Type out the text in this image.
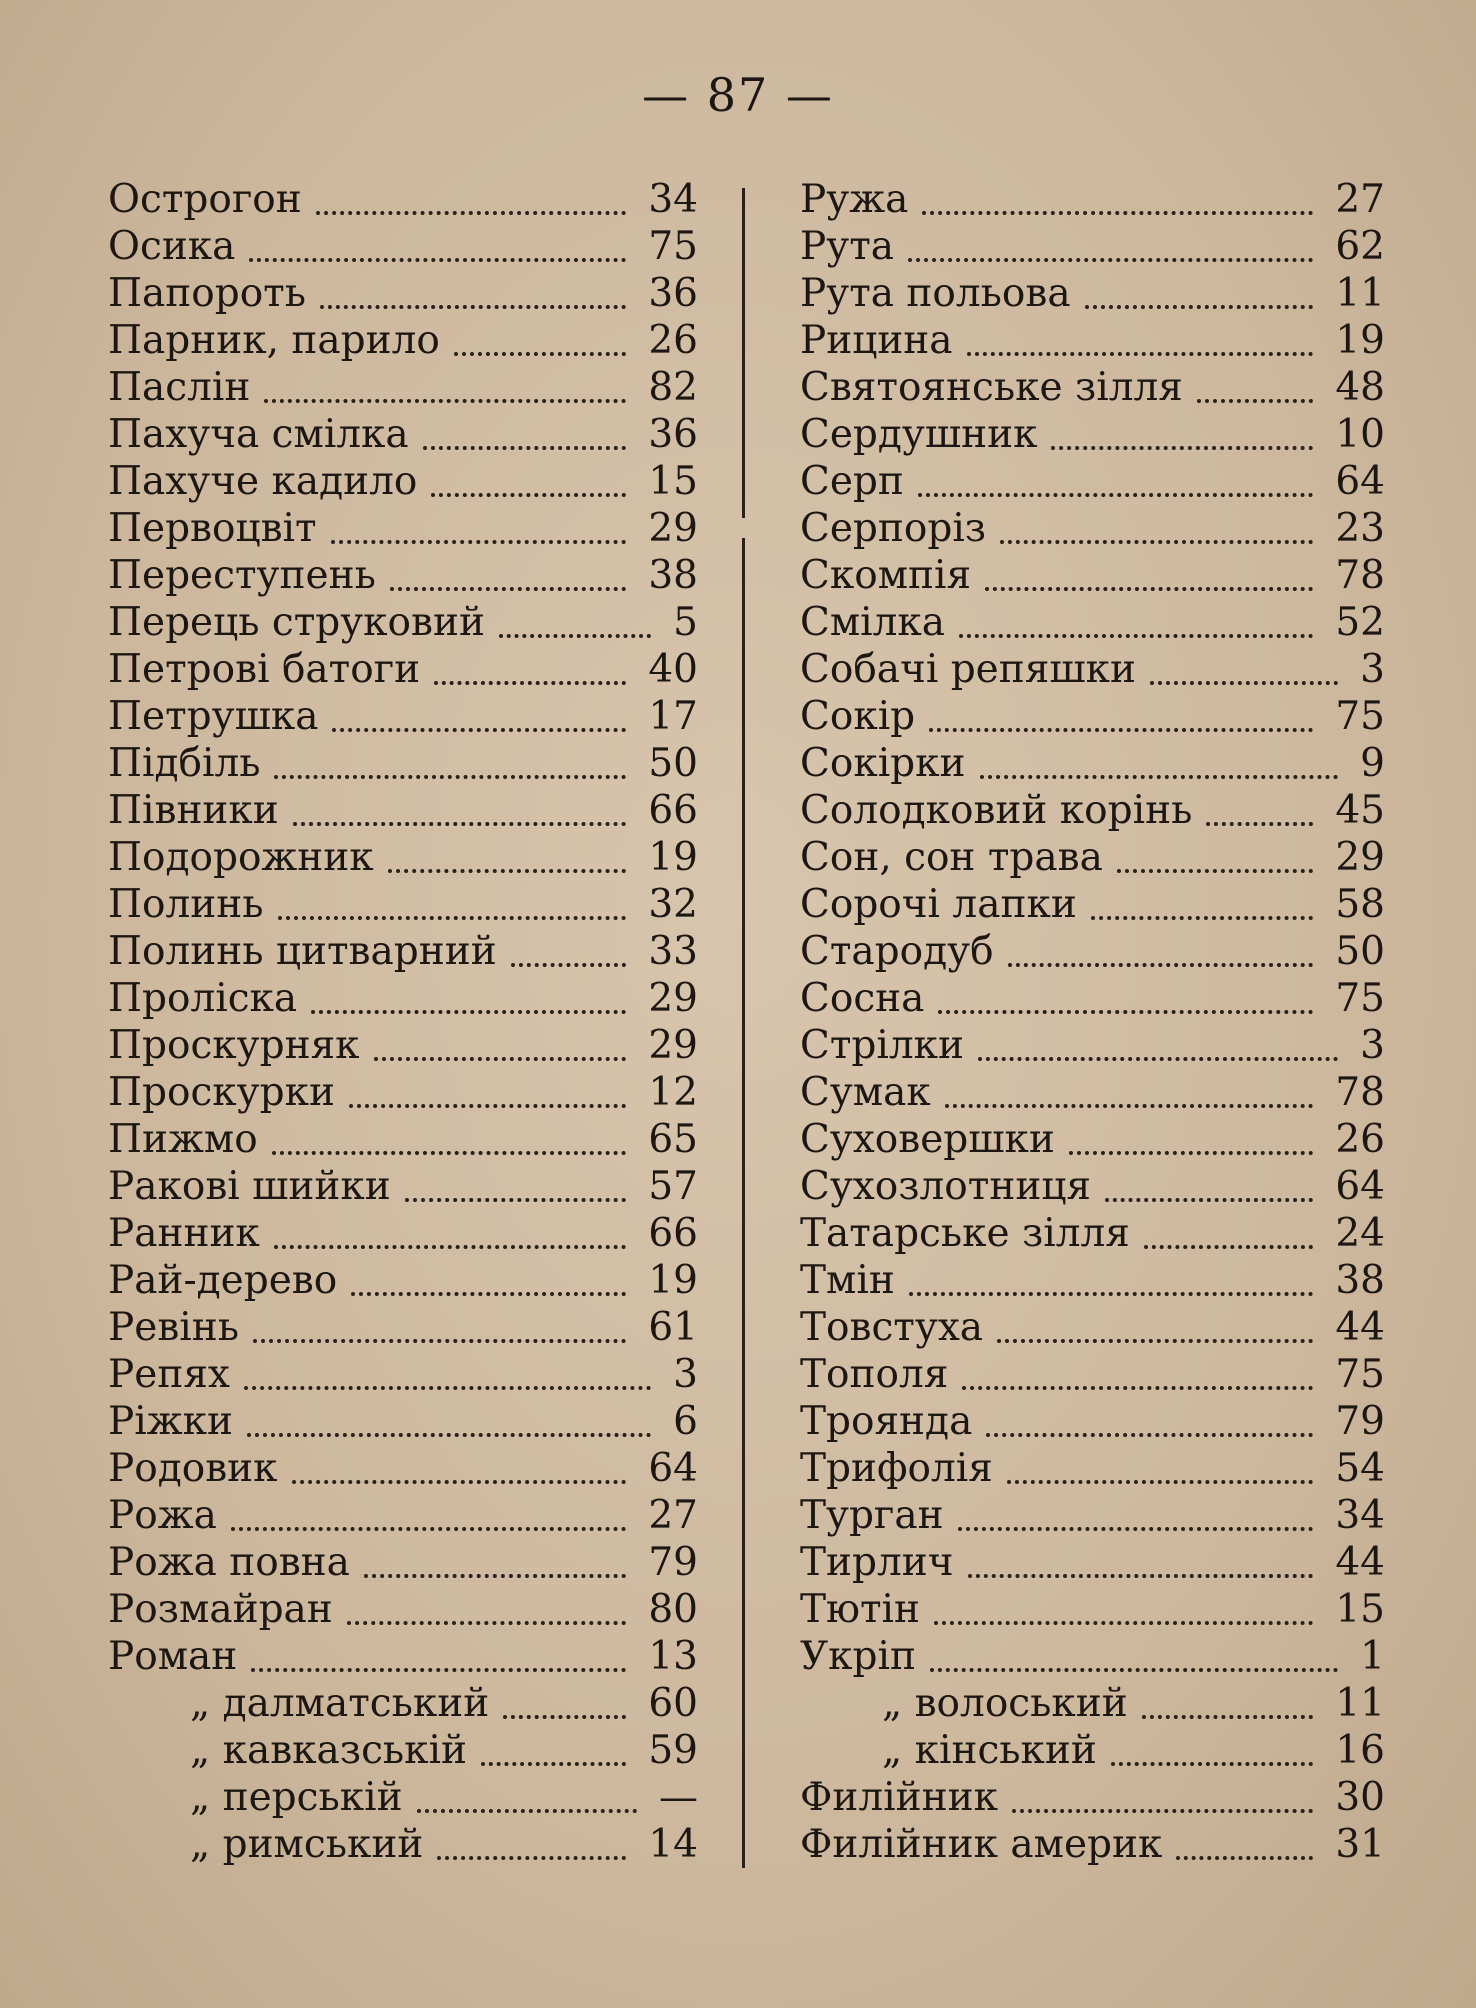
— 87 —
Острогон	34
Осика	75
Папороть	36
Парник, парило	26
Паслін	82
Пахуча смілка	36
Пахуче кадило	15
Первоцвіт	29
Переступень	38
Перець струковий	5
Петрові батоги	40
Петрушка	17
Підбіль	50
Півники	66
Подорожник	19
Полинь	32
Полинь цитварний	33
Проліска	29
Проскурняк	29
Проскурки	12
Пижмо	65
Ракові шийки	57
Ранник	66
Рай-дерево	19
Ревінь	61
Репях	3
Ріжки	6
Родовик	64
Рожа	27
Рожа повна	79
Розмайран	80
Роман	13
„ далматський	60
„ кавказській	59
„ перській	—
„ римський	14
Ружа	27
Рута	62
Рута польова	11
Рицина	19
Святоянське зілля	48
Сердушник	10
Серп	64
Серпоріз	23
Скомпія	78
Смілка	52
Собачі репяшки	3
Сокір	75
Сокірки	9
Солодковий корінь	45
Сон, сон трава	29
Сорочі лапки	58
Стародуб	50
Сосна	75
Стрілки	3
Сумак	78
Суховершки	26
Сухозлотниця	64
Татарське зілля	24
Тмін	38
Товстуха	44
Тополя	75
Троянда	79
Трифолія	54
Турган	34
Тирлич	44
Тютін	15
Укріп	1
„ волоський	11
„ кінський	16
Филійник	30
Филійник америк	31
